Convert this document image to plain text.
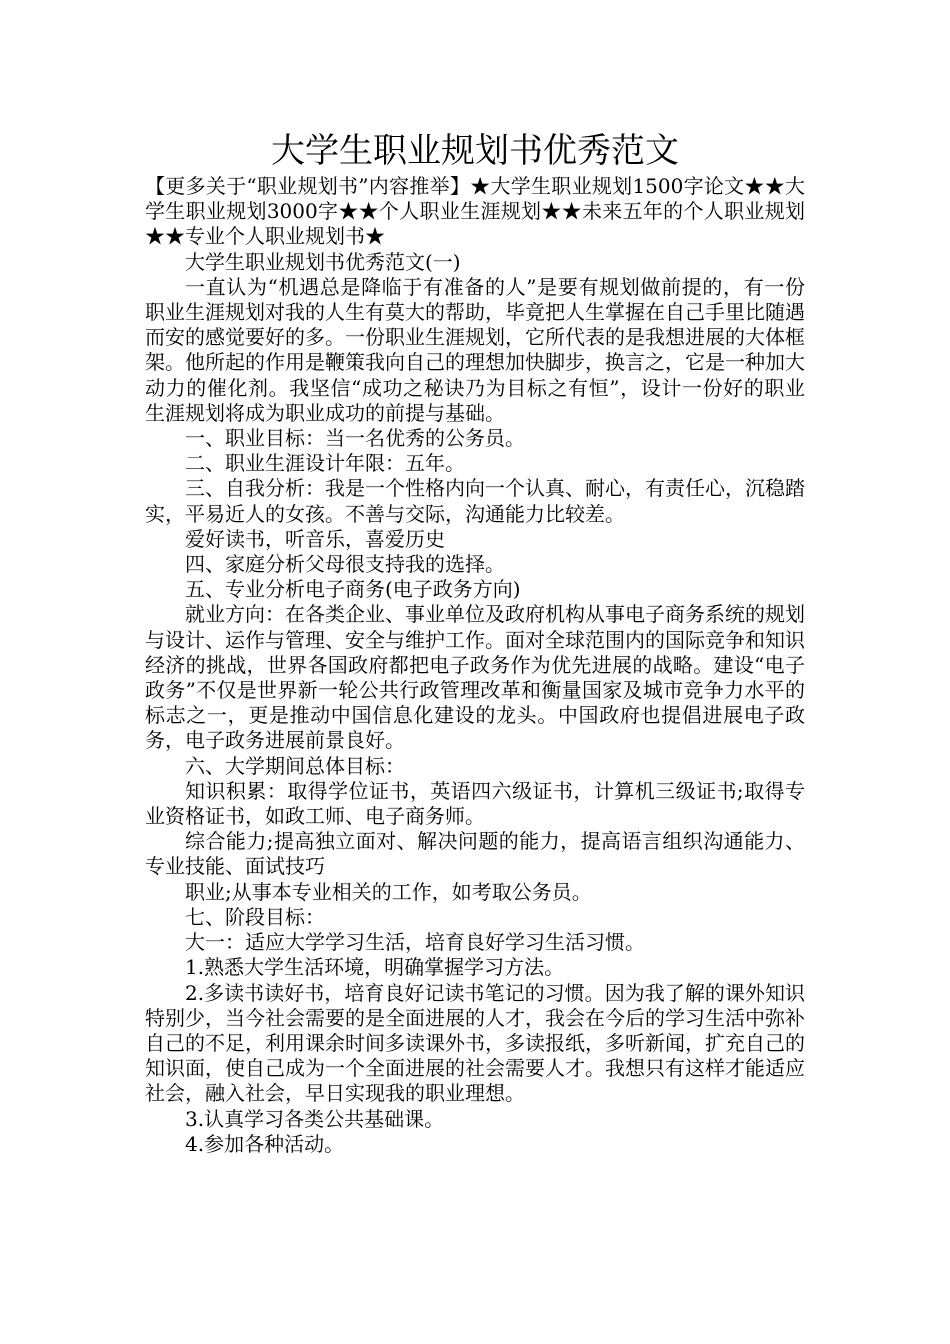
大学生职业规划书优秀范文

【更多关于“职业规划书”内容推举】★大学生职业规划1500字论文★★大学生职业规划3000字★★个人职业生涯规划★★未来五年的个人职业规划★★专业个人职业规划书★

大学生职业规划书优秀范文(一)

一直认为“机遇总是降临于有准备的人”是要有规划做前提的，有一份职业生涯规划对我的人生有莫大的帮助，毕竟把人生掌握在自己手里比随遇而安的感觉要好的多。一份职业生涯规划，它所代表的是我想进展的大体框架。他所起的作用是鞭策我向自己的理想加快脚步，换言之，它是一种加大动力的催化剂。我坚信“成功之秘诀乃为目标之有恒”，设计一份好的职业生涯规划将成为职业成功的前提与基础。

一、职业目标：当一名优秀的公务员。

二、职业生涯设计年限：五年。

三、自我分析：我是一个性格内向一个认真、耐心，有责任心，沉稳踏实，平易近人的女孩。不善与交际，沟通能力比较差。

爱好读书，听音乐，喜爱历史

四、家庭分析父母很支持我的选择。

五、专业分析电子商务(电子政务方向)

就业方向：在各类企业、事业单位及政府机构从事电子商务系统的规划与设计、运作与管理、安全与维护工作。面对全球范围内的国际竞争和知识经济的挑战，世界各国政府都把电子政务作为优先进展的战略。建设“电子政务”不仅是世界新一轮公共行政管理改革和衡量国家及城市竞争力水平的标志之一，更是推动中国信息化建设的龙头。中国政府也提倡进展电子政务，电子政务进展前景良好。

六、大学期间总体目标：

知识积累：取得学位证书，英语四六级证书，计算机三级证书;取得专业资格证书，如政工师、电子商务师。

综合能力;提高独立面对、解决问题的能力，提高语言组织沟通能力、专业技能、面试技巧

职业;从事本专业相关的工作，如考取公务员。

七、阶段目标：

大一：适应大学学习生活，培育良好学习生活习惯。

1.熟悉大学生活环境，明确掌握学习方法。

2.多读书读好书，培育良好记读书笔记的习惯。因为我了解的课外知识特别少，当今社会需要的是全面进展的人才，我会在今后的学习生活中弥补自己的不足，利用课余时间多读课外书，多读报纸，多听新闻，扩充自己的知识面，使自己成为一个全面进展的社会需要人才。我想只有这样才能适应社会，融入社会，早日实现我的职业理想。

3.认真学习各类公共基础课。

4.参加各种活动。
